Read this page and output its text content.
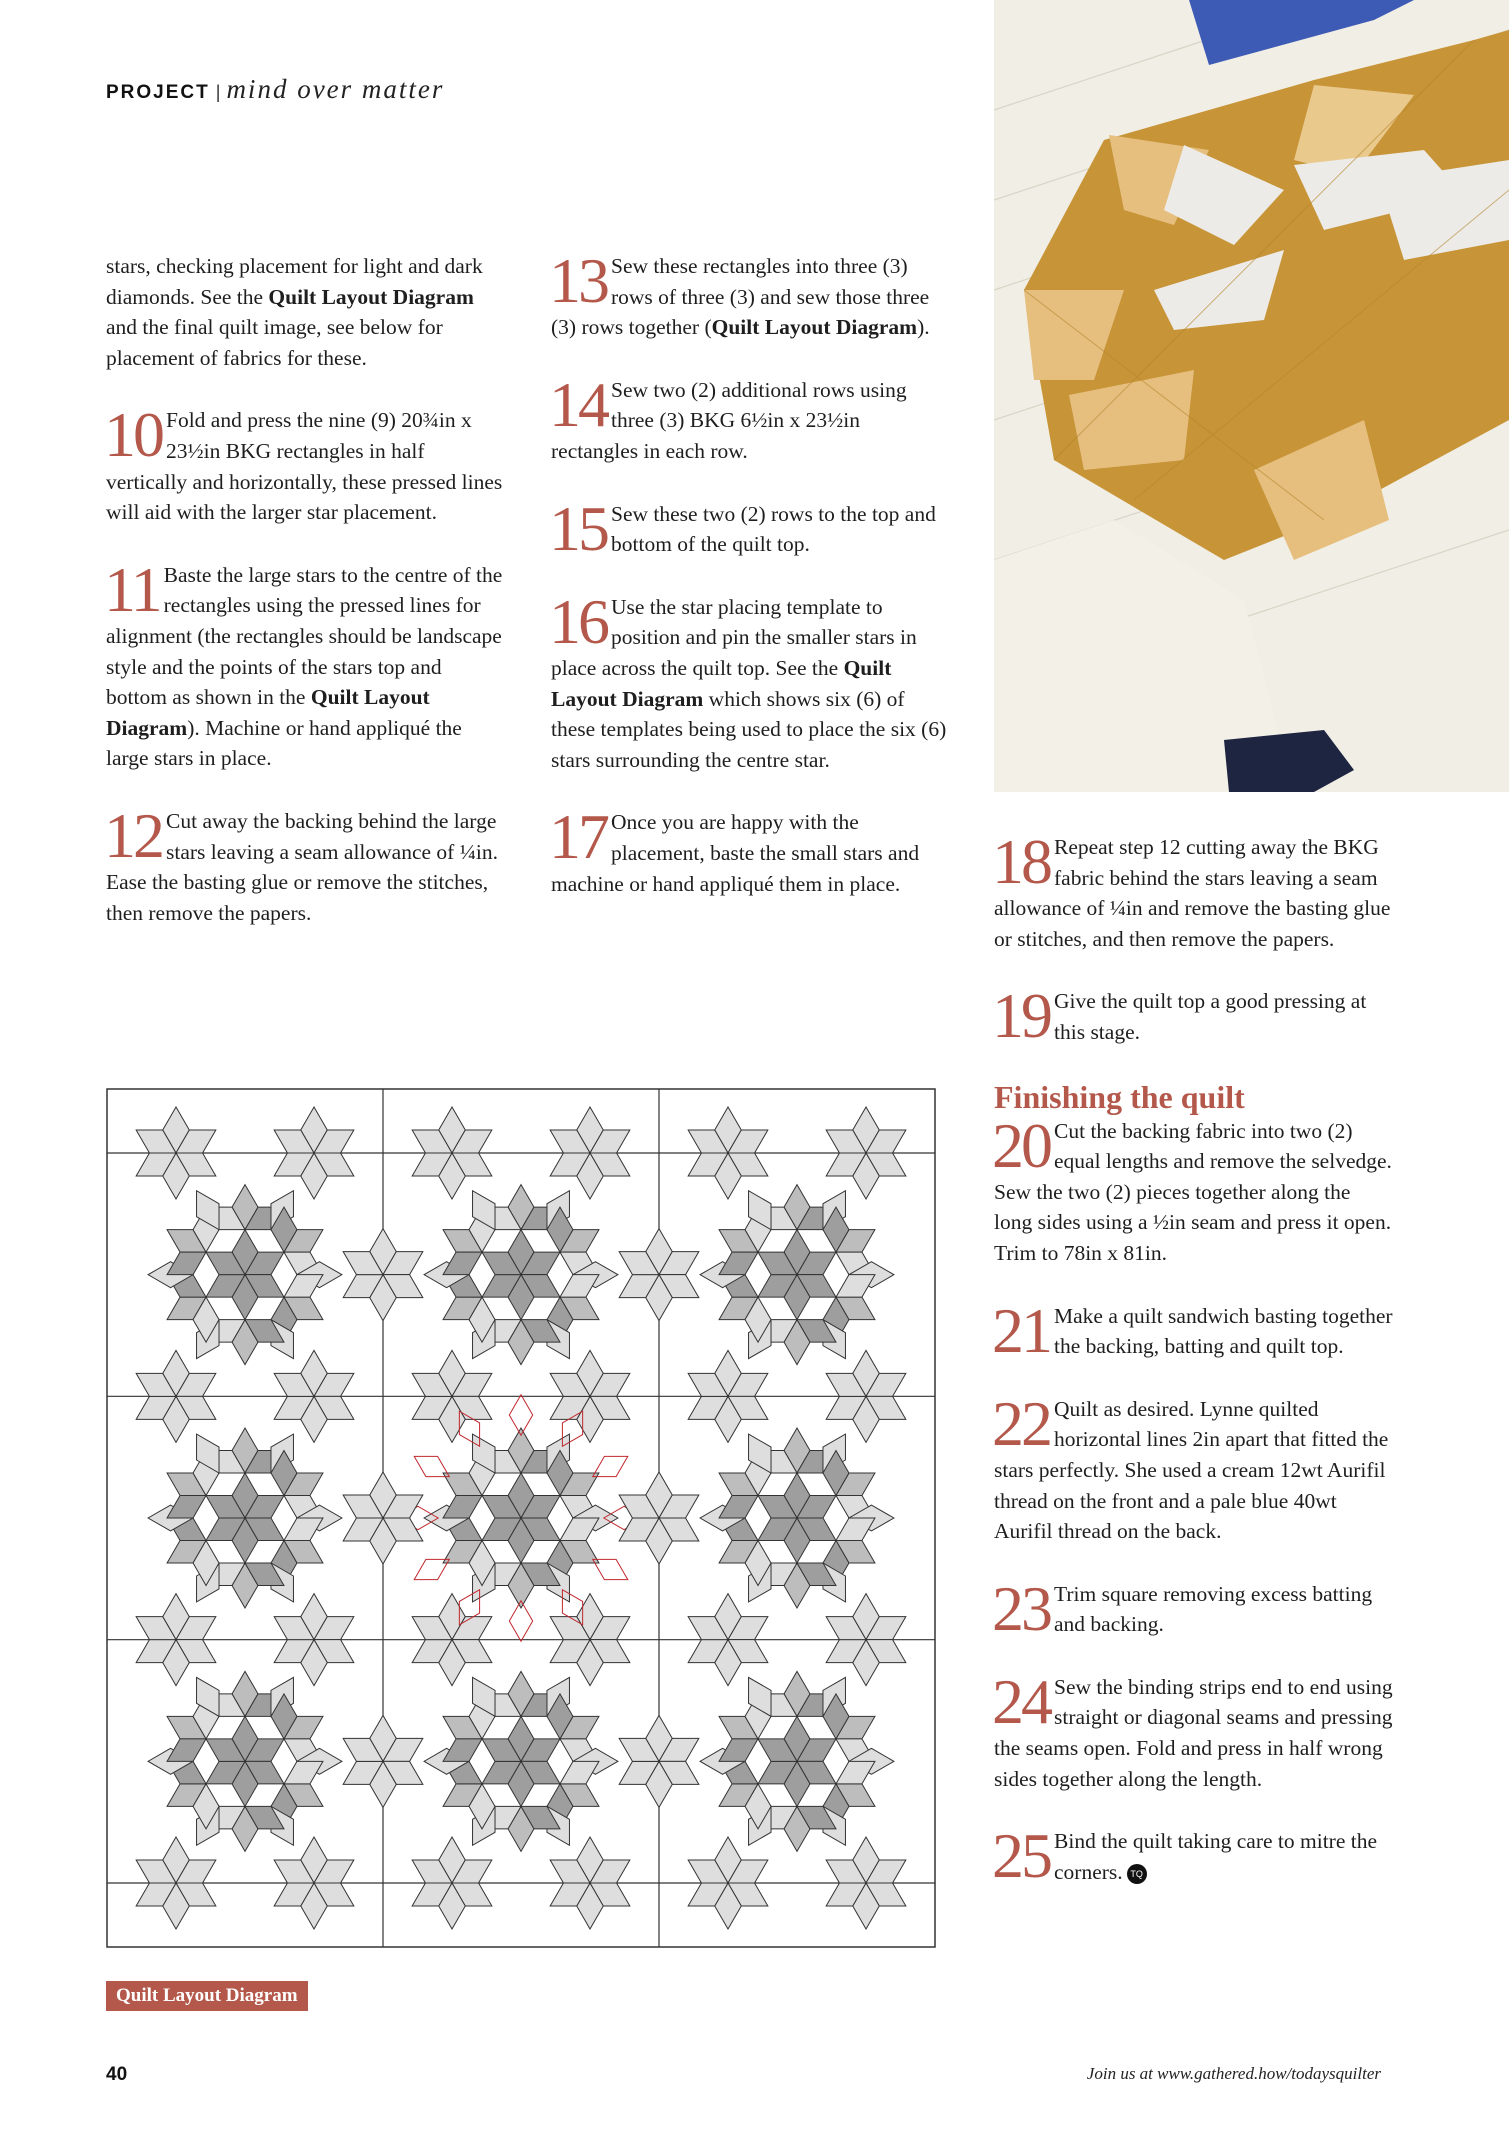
PROJECT | mind over matter

stars, checking placement for light and dark diamonds. See the Quilt Layout Diagram and the final quilt image, see below for placement of fabrics for these.

10 Fold and press the nine (9) 20¾in x 23½in BKG rectangles in half vertically and horizontally, these pressed lines will aid with the larger star placement.

11 Baste the large stars to the centre of the rectangles using the pressed lines for alignment (the rectangles should be landscape style and the points of the stars top and bottom as shown in the Quilt Layout Diagram). Machine or hand appliqué the large stars in place.

12 Cut away the backing behind the large stars leaving a seam allowance of ¼in. Ease the basting glue or remove the stitches, then remove the papers.

13 Sew these rectangles into three (3) rows of three (3) and sew those three (3) rows together (Quilt Layout Diagram).

14 Sew two (2) additional rows using three (3) BKG 6½in x 23½in rectangles in each row.

15 Sew these two (2) rows to the top and bottom of the quilt top.

16 Use the star placing template to position and pin the smaller stars in place across the quilt top. See the Quilt Layout Diagram which shows six (6) of these templates being used to place the six (6) stars surrounding the centre star.

17 Once you are happy with the placement, baste the small stars and machine or hand appliqué them in place.	18 Repeat step 12 cutting away the BKG fabric behind the stars leaving a seam allowance of ¼in and remove the basting glue or stitches, and then remove the papers.

19 Give the quilt top a good pressing at this stage.

Finishing the quilt

20 Cut the backing fabric into two (2) equal lengths and remove the selvedge. Sew the two (2) pieces together along the long sides using a ½in seam and press it open. Trim to 78in x 81in.

21 Make a quilt sandwich basting together the backing, batting and quilt top.

22 Quilt as desired. Lynne quilted horizontal lines 2in apart that fitted the stars perfectly. She used a cream 12wt Aurifil thread on the front and a pale blue 40wt Aurifil thread on the back.

23 Trim square removing excess batting and backing.

24 Sew the binding strips end to end using straight or diagonal seams and pressing the seams open. Fold and press in half wrong sides together along the length.

25 Bind the quilt taking care to mitre the corners. TQ

Quilt Layout Diagram
40	Join us at www.gathered.how/todaysquilter
